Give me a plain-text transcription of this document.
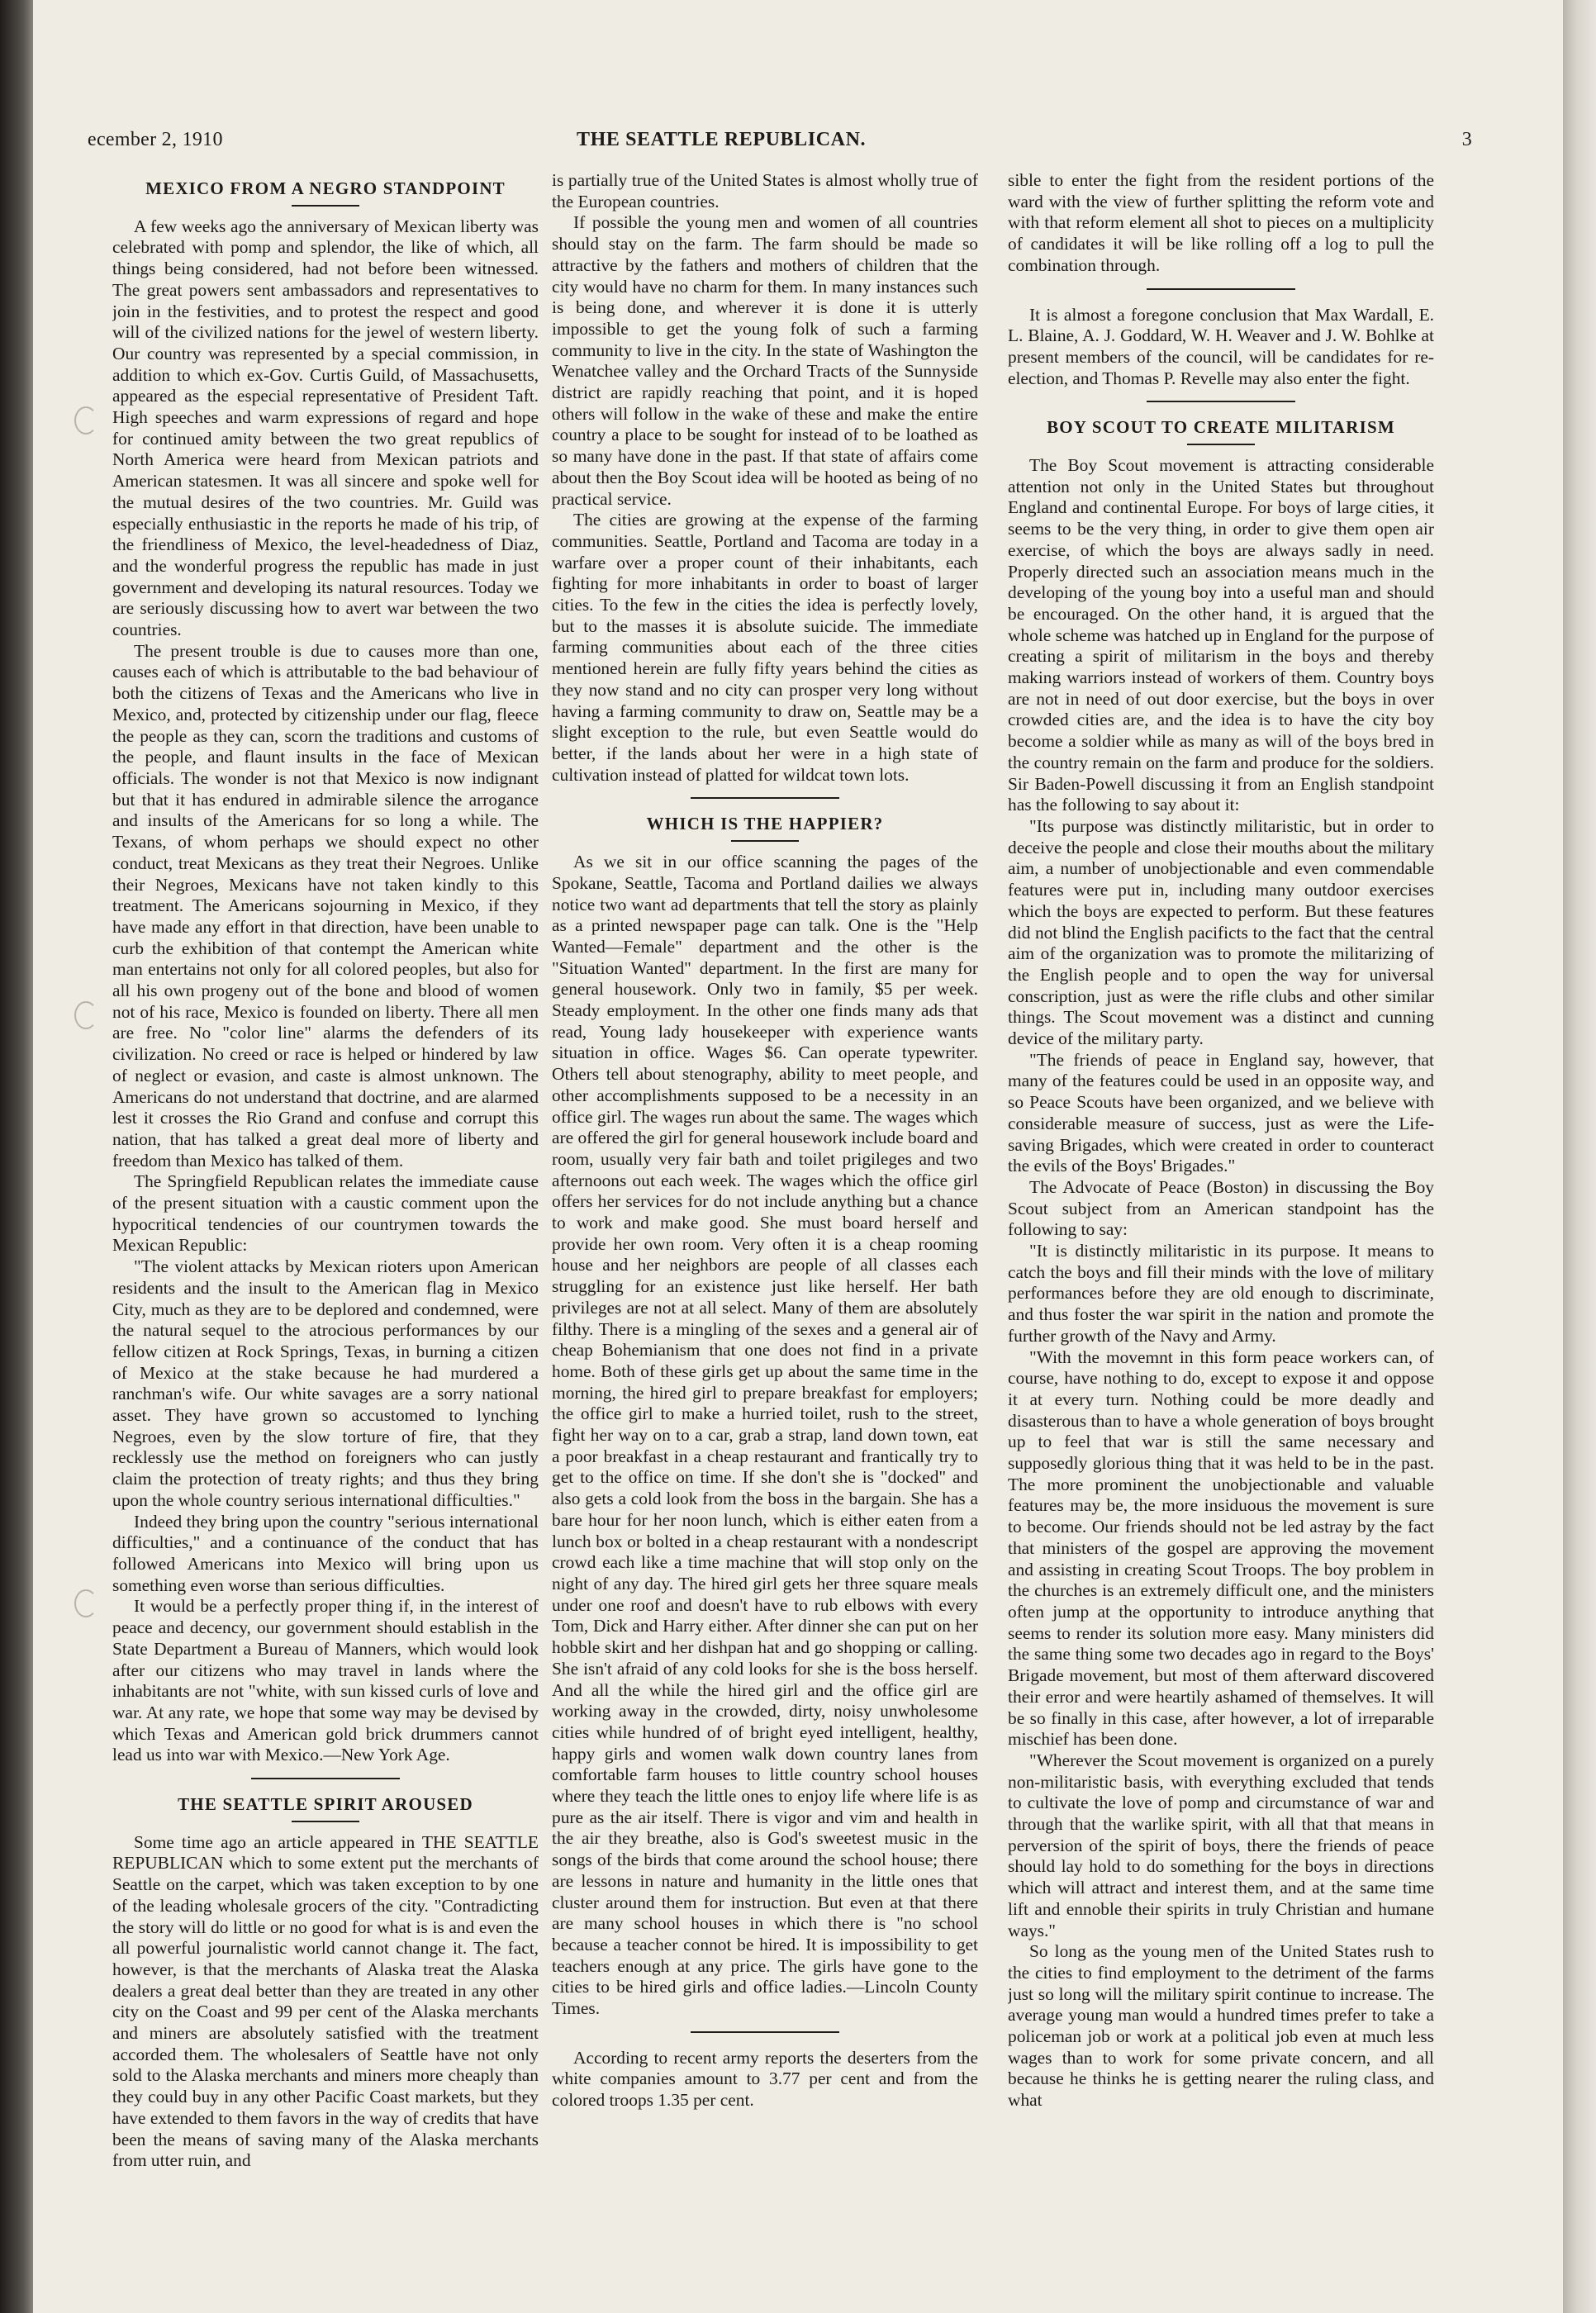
ecember 2, 1910	THE SEATTLE REPUBLICAN.	3
MEXICO FROM A NEGRO STANDPOINT

A few weeks ago the anniversary of Mexican liberty was celebrated with pomp and splendor, the like of which, all things being considered, had not before been witnessed. The great powers sent ambassadors and representatives to join in the festivities, and to protest the respect and good will of the civilized nations for the jewel of western liberty. Our country was represented by a special commission, in addition to which ex-Gov. Curtis Guild, of Massachusetts, appeared as the especial representative of President Taft. High speeches and warm expressions of regard and hope for continued amity between the two great republics of North America were heard from Mexican patriots and American statesmen. It was all sincere and spoke well for the mutual desires of the two countries. Mr. Guild was especially enthusiastic in the reports he made of his trip, of the friendliness of Mexico, the level-headedness of Diaz, and the wonderful progress the republic has made in just government and developing its natural resources. Today we are seriously discussing how to avert war between the two countries.

The present trouble is due to causes more than one, causes each of which is attributable to the bad behaviour of both the citizens of Texas and the Americans who live in Mexico, and, protected by citizenship under our flag, fleece the people as they can, scorn the traditions and customs of the people, and flaunt insults in the face of Mexican officials. The wonder is not that Mexico is now indignant but that it has endured in admirable silence the arrogance and insults of the Americans for so long a while. The Texans, of whom perhaps we should expect no other conduct, treat Mexicans as they treat their Negroes. Unlike their Negroes, Mexicans have not taken kindly to this treatment. The Americans sojourning in Mexico, if they have made any effort in that direction, have been unable to curb the exhibition of that contempt the American white man entertains not only for all colored peoples, but also for all his own progeny out of the bone and blood of women not of his race, Mexico is founded on liberty. There all men are free. No "color line" alarms the defenders of its civilization. No creed or race is helped or hindered by law of neglect or evasion, and caste is almost unknown. The Americans do not understand that doctrine, and are alarmed lest it crosses the Rio Grand and confuse and corrupt this nation, that has talked a great deal more of liberty and freedom than Mexico has talked of them.

The Springfield Republican relates the immediate cause of the present situation with a caustic comment upon the hypocritical tendencies of our countrymen towards the Mexican Republic:

"The violent attacks by Mexican rioters upon American residents and the insult to the American flag in Mexico City, much as they are to be deplored and condemned, were the natural sequel to the atrocious performances by our fellow citizen at Rock Springs, Texas, in burning a citizen of Mexico at the stake because he had murdered a ranchman's wife. Our white savages are a sorry national asset. They have grown so accustomed to lynching Negroes, even by the slow torture of fire, that they recklessly use the method on foreigners who can justly claim the protection of treaty rights; and thus they bring upon the whole country serious international difficulties."

Indeed they bring upon the country "serious international difficulties," and a continuance of the conduct that has followed Americans into Mexico will bring upon us something even worse than serious difficulties.

It would be a perfectly proper thing if, in the interest of peace and decency, our government should establish in the State Department a Bureau of Manners, which would look after our citizens who may travel in lands where the inhabitants are not "white, with sun kissed curls of love and war. At any rate, we hope that some way may be devised by which Texas and American gold brick drummers cannot lead us into war with Mexico.—New York Age.

THE SEATTLE SPIRIT AROUSED

Some time ago an article appeared in THE SEATTLE REPUBLICAN which to some extent put the merchants of Seattle on the carpet, which was taken exception to by one of the leading wholesale grocers of the city. "Contradicting the story will do little or no good for what is is and even the all powerful journalistic world cannot change it. The fact, however, is that the merchants of Alaska treat the Alaska dealers a great deal better than they are treated in any other city on the Coast and 99 per cent of the Alaska merchants and miners are absolutely satisfied with the treatment accorded them. The wholesalers of Seattle have not only sold to the Alaska merchants and miners more cheaply than they could buy in any other Pacific Coast markets, but they have extended to them favors in the way of credits that have been the means of saving many of the Alaska merchants from utter ruin, and

is partially true of the United States is almost wholly true of the European countries.

If possible the young men and women of all countries should stay on the farm. The farm should be made so attractive by the fathers and mothers of children that the city would have no charm for them. In many instances such is being done, and wherever it is done it is utterly impossible to get the young folk of such a farming community to live in the city. In the state of Washington the Wenatchee valley and the Orchard Tracts of the Sunnyside district are rapidly reaching that point, and it is hoped others will follow in the wake of these and make the entire country a place to be sought for instead of to be loathed as so many have done in the past. If that state of affairs come about then the Boy Scout idea will be hooted as being of no practical service.

The cities are growing at the expense of the farming communities. Seattle, Portland and Tacoma are today in a warfare over a proper count of their inhabitants, each fighting for more inhabitants in order to boast of larger cities. To the few in the cities the idea is perfectly lovely, but to the masses it is absolute suicide. The immediate farming communities about each of the three cities mentioned herein are fully fifty years behind the cities as they now stand and no city can prosper very long without having a farming community to draw on, Seattle may be a slight exception to the rule, but even Seattle would do better, if the lands about her were in a high state of cultivation instead of platted for wildcat town lots.

WHICH IS THE HAPPIER?

As we sit in our office scanning the pages of the Spokane, Seattle, Tacoma and Portland dailies we always notice two want ad departments that tell the story as plainly as a printed newspaper page can talk. One is the "Help Wanted—Female" department and the other is the "Situation Wanted" department. In the first are many for general housework. Only two in family, $5 per week. Steady employment. In the other one finds many ads that read, Young lady housekeeper with experience wants situation in office. Wages $6. Can operate typewriter. Others tell about stenography, ability to meet people, and other accomplishments supposed to be a necessity in an office girl. The wages run about the same. The wages which are offered the girl for general housework include board and room, usually very fair bath and toilet prigileges and two afternoons out each week. The wages which the office girl offers her services for do not include anything but a chance to work and make good. She must board herself and provide her own room. Very often it is a cheap rooming house and her neighbors are people of all classes each struggling for an existence just like herself. Her bath privileges are not at all select. Many of them are absolutely filthy. There is a mingling of the sexes and a general air of cheap Bohemianism that one does not find in a private home. Both of these girls get up about the same time in the morning, the hired girl to prepare breakfast for employers; the office girl to make a hurried toilet, rush to the street, fight her way on to a car, grab a strap, land down town, eat a poor breakfast in a cheap restaurant and frantically try to get to the office on time. If she don't she is "docked" and also gets a cold look from the boss in the bargain. She has a bare hour for her noon lunch, which is either eaten from a lunch box or bolted in a cheap restaurant with a nondescript crowd each like a time machine that will stop only on the night of any day. The hired girl gets her three square meals under one roof and doesn't have to rub elbows with every Tom, Dick and Harry either. After dinner she can put on her hobble skirt and her dishpan hat and go shopping or calling. She isn't afraid of any cold looks for she is the boss herself. And all the while the hired girl and the office girl are working away in the crowded, dirty, noisy unwholesome cities while hundred of of bright eyed intelligent, healthy, happy girls and women walk down country lanes from comfortable farm houses to little country school houses where they teach the little ones to enjoy life where life is as pure as the air itself. There is vigor and vim and health in the air they breathe, also is God's sweetest music in the songs of the birds that come around the school house; there are lessons in nature and humanity in the little ones that cluster around them for instruction. But even at that there are many school houses in which there is "no school because a teacher connot be hired. It is impossibility to get teachers enough at any price. The girls have gone to the cities to be hired girls and office ladies.—Lincoln County Times.

According to recent army reports the deserters from the white companies amount to 3.77 per cent and from the colored troops 1.35 per cent.

sible to enter the fight from the resident portions of the ward with the view of further splitting the reform vote and with that reform element all shot to pieces on a multiplicity of candidates it will be like rolling off a log to pull the combination through.

It is almost a foregone conclusion that Max Wardall, E. L. Blaine, A. J. Goddard, W. H. Weaver and J. W. Bohlke at present members of the council, will be candidates for re-election, and Thomas P. Revelle may also enter the fight.

BOY SCOUT TO CREATE MILITARISM

The Boy Scout movement is attracting considerable attention not only in the United States but throughout England and continental Europe. For boys of large cities, it seems to be the very thing, in order to give them open air exercise, of which the boys are always sadly in need. Properly directed such an association means much in the developing of the young boy into a useful man and should be encouraged. On the other hand, it is argued that the whole scheme was hatched up in England for the purpose of creating a spirit of militarism in the boys and thereby making warriors instead of workers of them. Country boys are not in need of out door exercise, but the boys in over crowded cities are, and the idea is to have the city boy become a soldier while as many as will of the boys bred in the country remain on the farm and produce for the soldiers. Sir Baden-Powell discussing it from an English standpoint has the following to say about it:

"Its purpose was distinctly militaristic, but in order to deceive the people and close their mouths about the military aim, a number of unobjectionable and even commendable features were put in, including many outdoor exercises which the boys are expected to perform. But these features did not blind the English pacificts to the fact that the central aim of the organization was to promote the militarizing of the English people and to open the way for universal conscription, just as were the rifle clubs and other similar things. The Scout movement was a distinct and cunning device of the military party.

"The friends of peace in England say, however, that many of the features could be used in an opposite way, and so Peace Scouts have been organized, and we believe with considerable measure of success, just as were the Life-saving Brigades, which were created in order to counteract the evils of the Boys' Brigades."

The Advocate of Peace (Boston) in discussing the Boy Scout subject from an American standpoint has the following to say:

"It is distinctly militaristic in its purpose. It means to catch the boys and fill their minds with the love of military performances before they are old enough to discriminate, and thus foster the war spirit in the nation and promote the further growth of the Navy and Army.

"With the movemnt in this form peace workers can, of course, have nothing to do, except to expose it and oppose it at every turn. Nothing could be more deadly and disasterous than to have a whole generation of boys brought up to feel that war is still the same necessary and supposedly glorious thing that it was held to be in the past. The more prominent the unobjectionable and valuable features may be, the more insiduous the movement is sure to become. Our friends should not be led astray by the fact that ministers of the gospel are approving the movement and assisting in creating Scout Troops. The boy problem in the churches is an extremely difficult one, and the ministers often jump at the opportunity to introduce anything that seems to render its solution more easy. Many ministers did the same thing some two decades ago in regard to the Boys' Brigade movement, but most of them afterward discovered their error and were heartily ashamed of themselves. It will be so finally in this case, after however, a lot of irreparable mischief has been done.

"Wherever the Scout movement is organized on a purely non-militaristic basis, with everything excluded that tends to cultivate the love of pomp and circumstance of war and through that the warlike spirit, with all that that means in perversion of the spirit of boys, there the friends of peace should lay hold to do something for the boys in directions which will attract and interest them, and at the same time lift and ennoble their spirits in truly Christian and humane ways."

So long as the young men of the United States rush to the cities to find employment to the detriment of the farms just so long will the military spirit continue to increase. The average young man would a hundred times prefer to take a policeman job or work at a political job even at much less wages than to work for some private concern, and all because he thinks he is getting nearer the ruling class, and what
